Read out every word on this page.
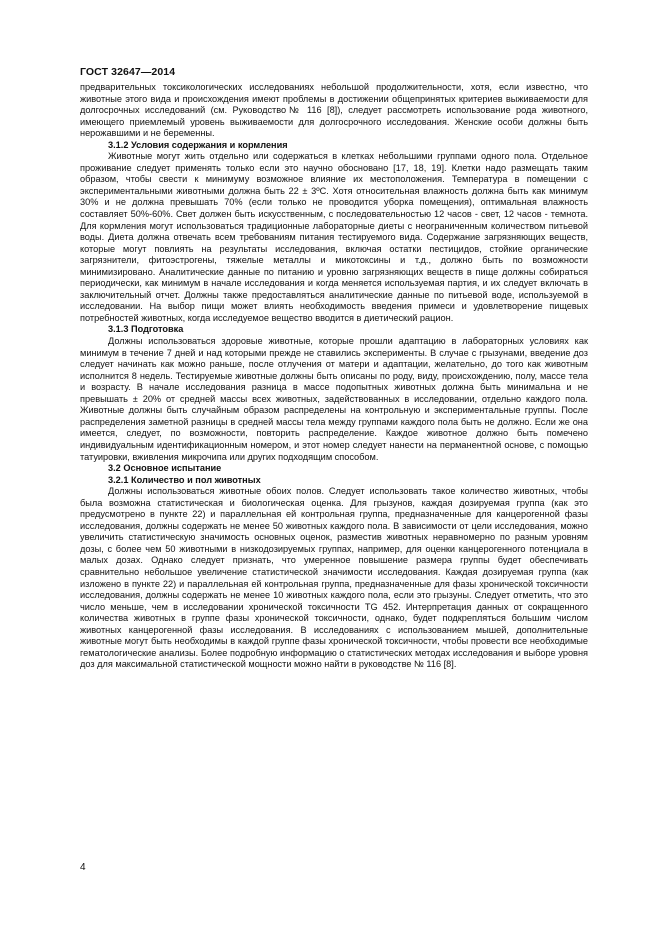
ГОСТ 32647—2014

предварительных токсикологических исследованиях небольшой продолжительности, хотя, если известно, что животные этого вида и происхождения имеют проблемы в достижении общепринятых критериев выживаемости для долгосрочных исследований (см. Руководство№ 116 [8]), следует рассмотреть использование рода животного, имеющего приемлемый уровень выживаемости для долгосрочного исследования. Женские особи должны быть нерожавшими и не беременны.

3.1.2 Условия содержания и кормления

Животные могут жить отдельно или содержаться в клетках небольшими группами одного пола. Отдельное проживание следует применять только если это научно обосновано [17, 18, 19]. Клетки надо размещать таким образом, чтобы свести к минимуму возможное влияние их местоположения. Температура в помещении с экспериментальными животными должна быть 22 ± 3ºС. Хотя относительная влажность должна быть как минимум 30% и не должна превышать 70% (если только не проводится уборка помещения), оптимальная влажность составляет 50%-60%. Свет должен быть искусственным, с последовательностью 12 часов - свет, 12 часов - темнота. Для кормления могут использоваться традиционные лабораторные диеты с неограниченным количеством питьевой воды. Диета должна отвечать всем требованиям питания тестируемого вида. Содержание загрязняющих веществ, которые могут повлиять на результаты исследования, включая остатки пестицидов, стойкие органические загрязнители, фитоэстрогены, тяжелые металлы и микотоксины и т.д., должно быть по возможности минимизировано. Аналитические данные по питанию и уровню загрязняющих веществ в пище должны собираться периодически, как минимум в начале исследования и когда меняется используемая партия, и их следует включать в заключительный отчет. Должны также предоставляться аналитические данные по питьевой воде, используемой в исследовании. На выбор пищи может влиять необходимость введения примеси и удовлетворение пищевых потребностей животных, когда исследуемое вещество вводится в диетический рацион.

3.1.3 Подготовка

Должны использоваться здоровые животные, которые прошли адаптацию в лабораторных условиях как минимум в течение 7 дней и над которыми прежде не ставились эксперименты. В случае с грызунами, введение доз следует начинать как можно раньше, после отлучения от матери и адаптации, желательно, до того как животным исполнится 8 недель. Тестируемые животные должны быть описаны по роду, виду, происхождению, полу, массе тела и возрасту. В начале исследования разница в массе подопытных животных должна быть минимальна и не превышать ± 20% от средней массы всех животных, задействованных в исследовании, отдельно каждого пола. Животные должны быть случайным образом распределены на контрольную и экспериментальные группы. После распределения заметной разницы в средней массы тела между группами каждого пола быть не должно. Если же она имеется, следует, по возможности, повторить распределение. Каждое животное должно быть помечено индивидуальным идентификационным номером, и этот номер следует нанести на перманентной основе, с помощью татуировки, вживления микрочипа или других подходящим способом.

3.2 Основное испытание

3.2.1 Количество и пол животных

Должны использоваться животные обоих полов. Следует использовать такое количество животных, чтобы была возможна статистическая и биологическая оценка. Для грызунов, каждая дозируемая группа (как это предусмотрено в пункте 22) и параллельная ей контрольная группа, предназначенные для канцерогенной фазы исследования, должны содержать не менее 50 животных каждого пола. В зависимости от цели исследования, можно увеличить статистическую значимость основных оценок, разместив животных неравномерно по разным уровням дозы, с более чем 50 животными в низкодозируемых группах, например, для оценки канцерогенного потенциала в малых дозах. Однако следует признать, что умеренное повышение размера группы будет обеспечивать сравнительно небольшое увеличение статистической значимости исследования. Каждая дозируемая группа (как изложено в пункте 22) и параллельная ей контрольная группа, предназначенные для фазы хронической токсичности исследования, должны содержать не менее 10 животных каждого пола, если это грызуны. Следует отметить, что это число меньше, чем в исследовании хронической токсичности TG 452. Интерпретация данных от сокращенного количества животных в группе фазы хронической токсичности, однако, будет подкрепляться большим числом животных канцерогенной фазы исследования. В исследованиях с использованием мышей, дополнительные животные могут быть необходимы в каждой группе фазы хронической токсичности, чтобы провести все необходимые гематологические анализы. Более подробную информацию о статистических методах исследования и выборе уровня доз для максимальной статистической мощности можно найти в руководстве № 116 [8].

4
